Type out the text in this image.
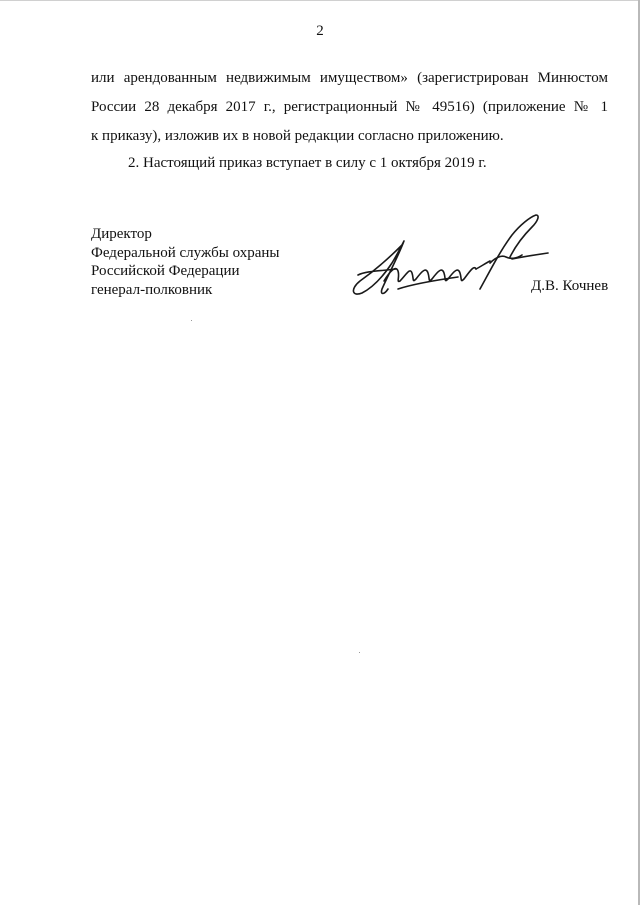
2
или арендованным недвижимым имуществом» (зарегистрирован Минюстом
России 28 декабря 2017 г., регистрационный № 49516) (приложение № 1
к приказу), изложив их в новой редакции согласно приложению.
2. Настоящий приказ вступает в силу с 1 октября 2019 г.
Директор
Федеральной службы охраны
Российской Федерации
генерал-полковник	Д.В. Кочнев
